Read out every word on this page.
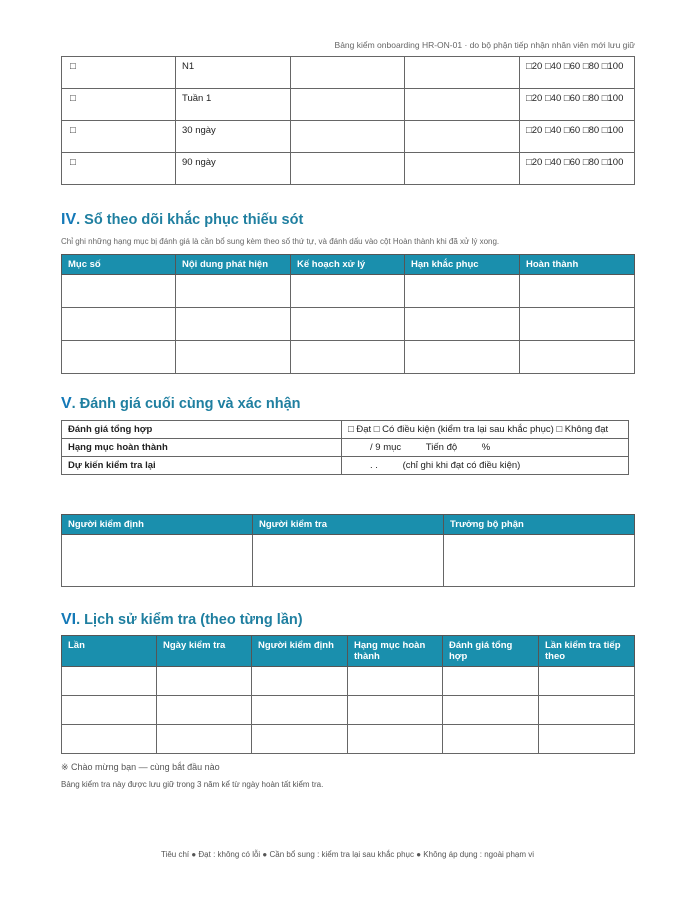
Bảng kiểm onboarding HR-ON-01 · do bộ phận tiếp nhận nhân viên mới lưu giữ
□	N1			□20 □40 □60 □80 □100
□	Tuần 1			□20 □40 □60 □80 □100
□	30 ngày			□20 □40 □60 □80 □100
□	90 ngày			□20 □40 □60 □80 □100
IV. Sổ theo dõi khắc phục thiếu sót
Chỉ ghi những hạng mục bị đánh giá là cần bổ sung kèm theo số thứ tự, và đánh dấu vào cột Hoàn thành khi đã xử lý xong.
Mục số	Nội dung phát hiện	Kế hoạch xử lý	Hạn khắc phục	Hoàn thành

V. Đánh giá cuối cùng và xác nhận
Đánh giá tổng hợp	□ Đạt □ Có điều kiện (kiểm tra lại sau khắc phục) □ Không đạt
Hạng mục hoàn thành	/ 9 mục Tiến độ %
Dự kiến kiểm tra lại	. . (chỉ ghi khi đạt có điều kiện)
Người kiểm định	Người kiểm tra	Trưởng bộ phận

VI. Lịch sử kiểm tra (theo từng lần)
Lần	Ngày kiểm tra	Người kiểm định	Hạng mục hoàn thành	Đánh giá tổng hợp	Lần kiểm tra tiếp theo

※ Chào mừng bạn — cùng bắt đầu nào
Bảng kiểm tra này được lưu giữ trong 3 năm kể từ ngày hoàn tất kiểm tra.
Tiêu chí ● Đạt : không có lỗi ● Cần bổ sung : kiểm tra lại sau khắc phục ● Không áp dụng : ngoài phạm vi
